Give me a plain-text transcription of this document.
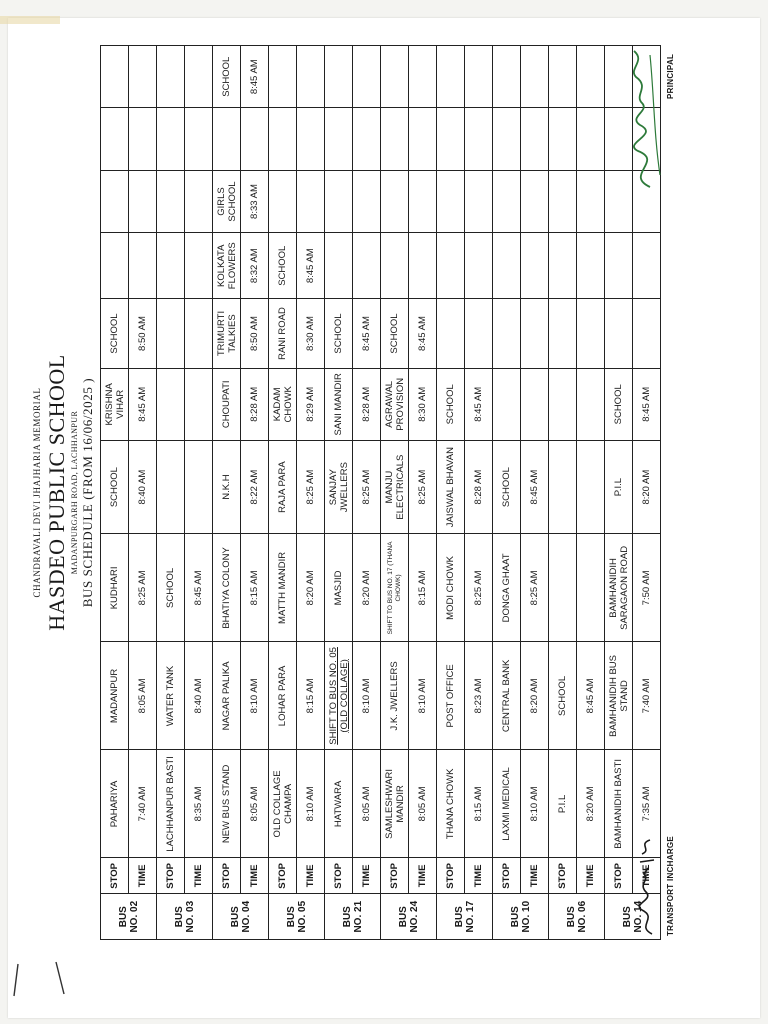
CHANDRAVALI DEVI JHAJHARIA MEMORIAL HASDEO PUBLIC SCHOOL MADANPURGARH ROAD, LACHHANPUR BUS SCHEDULE (FROM 16/06/2025 )
BUS NO. 02	STOP	PAHARIYA	MADANPUR	KUDHARI	SCHOOL	KRISHNA VIHAR	SCHOOL				
	TIME	7:40 AM	8:05 AM	8:25 AM	8:40 AM	8:45 AM	8:50 AM				

BUS NO. 03	STOP	LACHHANPUR BASTI	WATER TANK	SCHOOL							
	TIME	8:35 AM	8:40 AM	8:45 AM							

BUS NO. 04	STOP	NEW BUS STAND	NAGAR PALIKA	BHATIYA COLONY	N.K.H	CHOUPATI	TRIMURTI TALKIES	KOLKATA FLOWERS	GIRLS SCHOOL		SCHOOL
	TIME	8:05 AM	8:10 AM	8:15 AM	8:22 AM	8:28 AM	8:50 AM	8:32 AM	8:33 AM		8:45 AM

BUS NO. 05	STOP	OLD COLLAGE CHAMPA	LOHAR PARA	MATTH MANDIR	RAJA PARA	KADAM CHOWK	RANI ROAD	SCHOOL			
	TIME	8:10 AM	8:15 AM	8:20 AM	8:25 AM	8:29 AM	8:30 AM	8:45 AM			

BUS NO. 21	STOP	HATWARA	SHIFT TO BUS NO. 05 (OLD COLLAGE)	MASJID	SANJAY JWELLERS	SANI MANDIR	SCHOOL				
	TIME	8:05 AM	8:10 AM	8:20 AM	8:25 AM	8:28 AM	8:45 AM				

BUS NO. 24	STOP	SAMLESHWARI MANDIR	J.K. JWELLERS	SHIFT TO BUS NO. 17 (THANA CHOWK)	MANJU ELECTRICALS	AGRAWAL PROVISION	SCHOOL				
	TIME	8:05 AM	8:10 AM	8:15 AM	8:25 AM	8:30 AM	8:45 AM				

BUS NO. 17	STOP	THANA CHOWK	POST OFFICE	MODI CHOWK	JAISWAL BHAVAN	SCHOOL					
	TIME	8:15 AM	8:23 AM	8:25 AM	8:28 AM	8:45 AM					

BUS NO. 10	STOP	LAXMI MEDICAL	CENTRAL BANK	DONGA GHAAT	SCHOOL						
	TIME	8:10 AM	8:20 AM	8:25 AM	8:45 AM						

BUS NO. 06	STOP	P.I.L	SCHOOL								
	TIME	8:20 AM	8:45 AM								

BUS NO. 14	STOP	BAMHANIDIH BASTI	BAMHANIDIH BUS STAND	BAMHANIDIH SARAGAON ROAD	P.I.L	SCHOOL					
	TIME	7:35 AM	7:40 AM	7:50 AM	8:20 AM	8:45 AM					
TRANSPORT INCHARGE
PRINCIPAL
